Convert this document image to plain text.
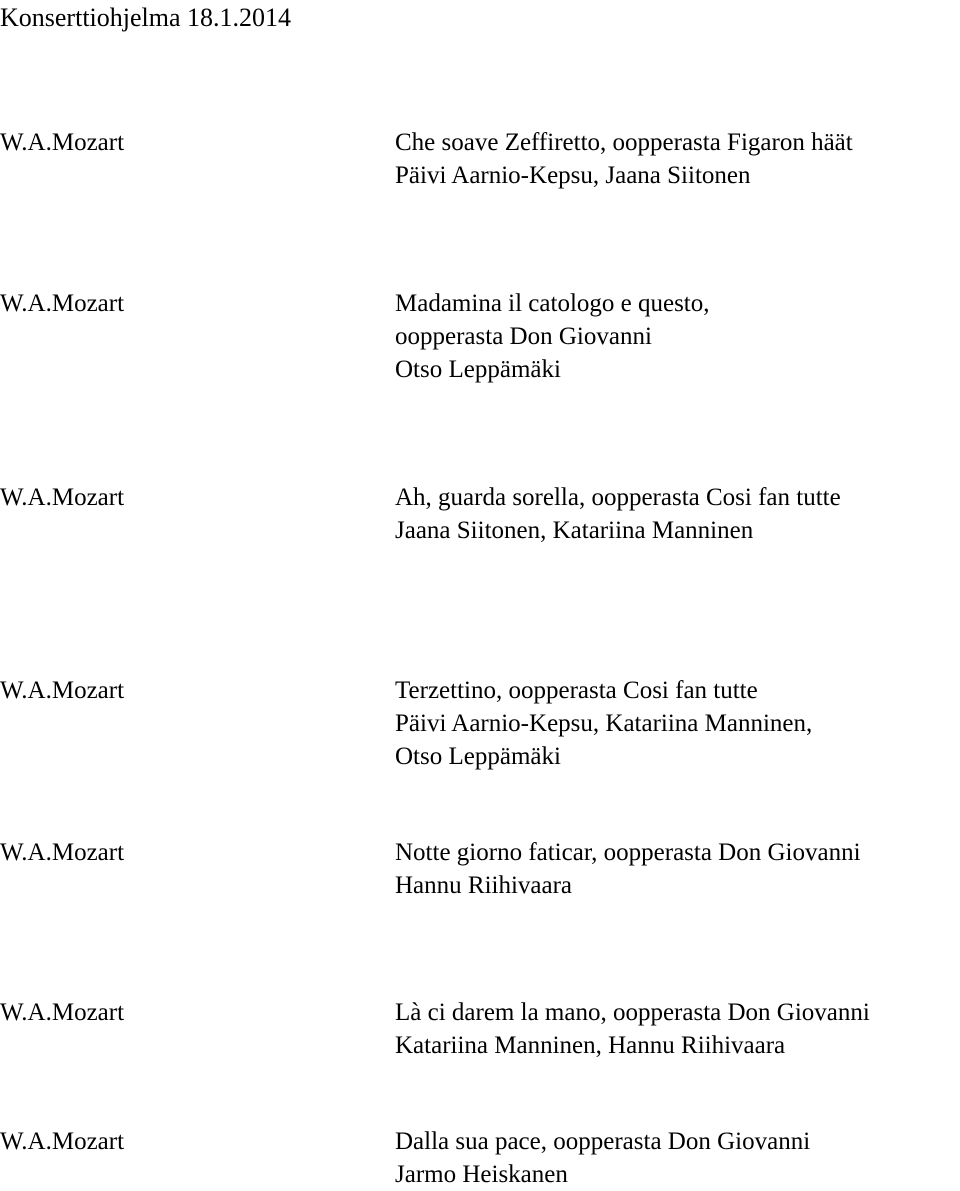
Konserttiohjelma 18.1.2014
W.A.Mozart	Che soave Zeffiretto, oopperasta Figaron häät
Päivi Aarnio-Kepsu, Jaana Siitonen
W.A.Mozart	Madamina il catologo e questo,
oopperasta Don Giovanni
Otso Leppämäki
W.A.Mozart	Ah, guarda sorella, oopperasta Cosi fan tutte
Jaana Siitonen, Katariina Manninen
W.A.Mozart	Terzettino, oopperasta Cosi fan tutte
Päivi Aarnio-Kepsu, Katariina Manninen,
Otso Leppämäki
W.A.Mozart	Notte giorno faticar, oopperasta Don Giovanni
Hannu Riihivaara
W.A.Mozart	Là ci darem la mano, oopperasta Don Giovanni
Katariina Manninen, Hannu Riihivaara
W.A.Mozart	Dalla sua pace, oopperasta Don Giovanni
Jarmo Heiskanen
